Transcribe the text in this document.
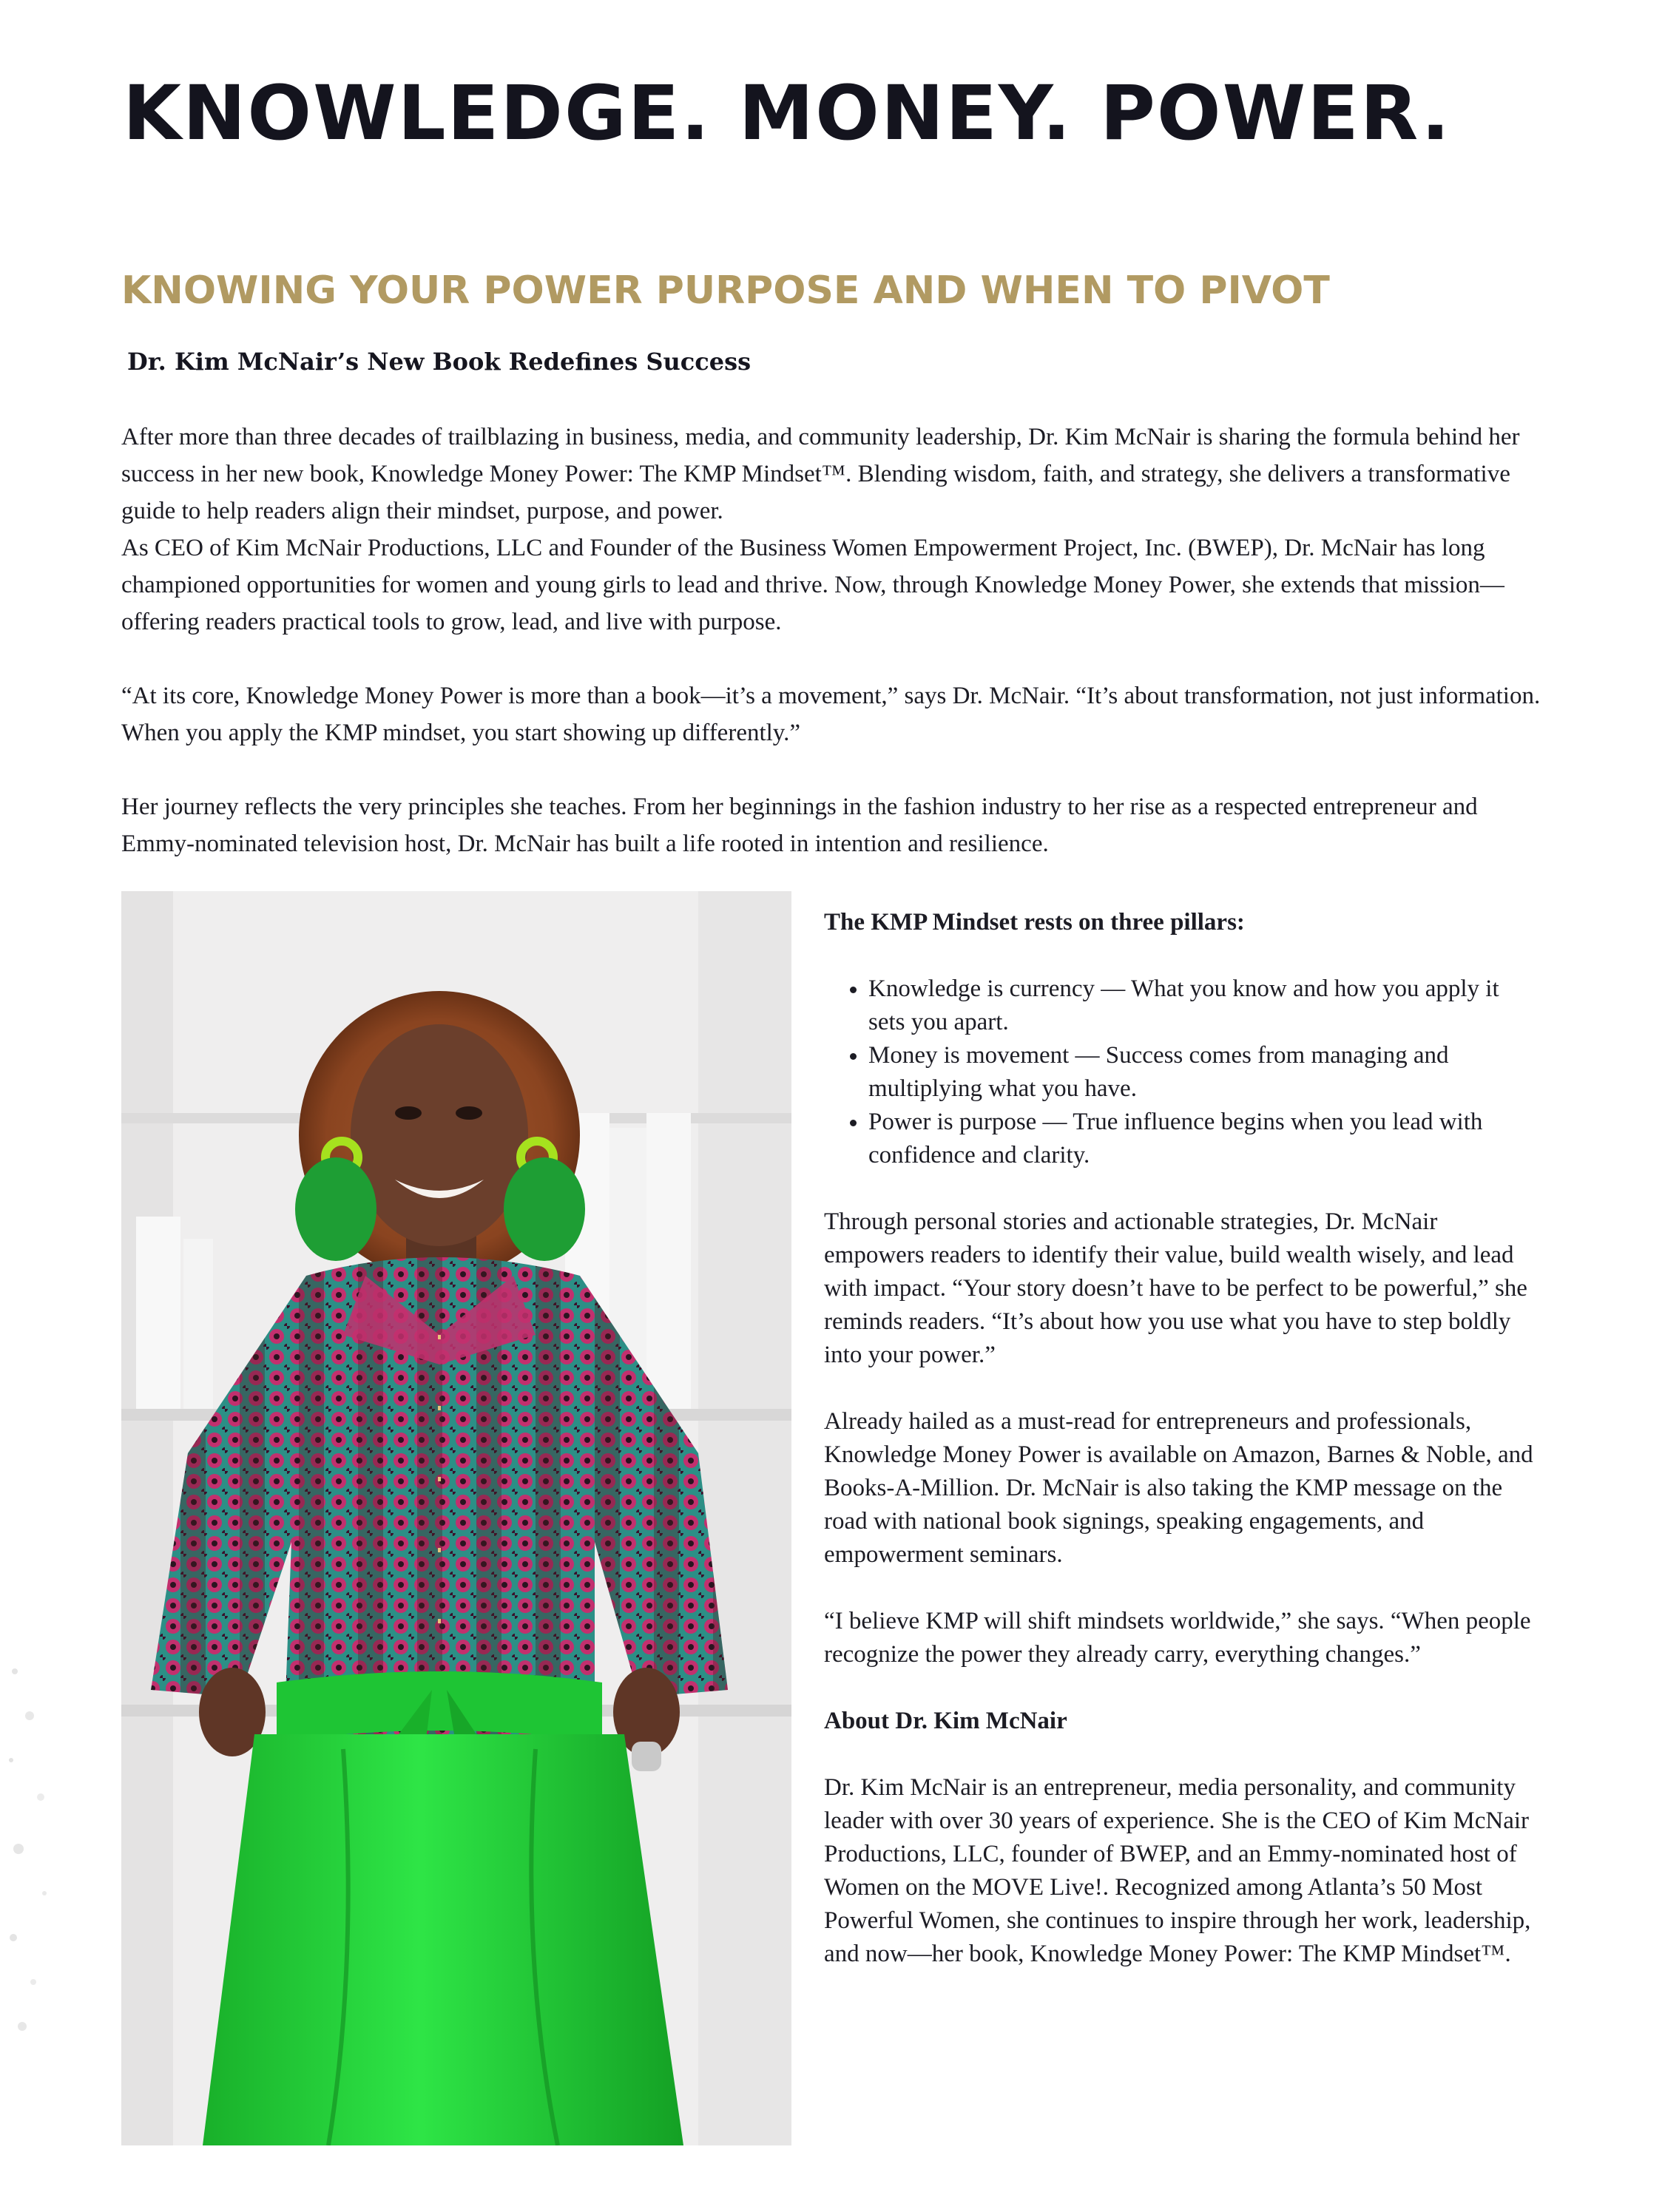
KNOWLEDGE. MONEY. POWER.
KNOWING YOUR POWER PURPOSE AND WHEN TO PIVOT

Dr. Kim McNair’s New Book Redefines Success

After more than three decades of trailblazing in business, media, and community leadership, Dr. Kim McNair is sharing the formula behind her success in her new book, Knowledge Money Power: The KMP Mindset™. Blending wisdom, faith, and strategy, she delivers a transformative guide to help readers align their mindset, purpose, and power.

As CEO of Kim McNair Productions, LLC and Founder of the Business Women Empowerment Project, Inc. (BWEP), Dr. McNair has long championed opportunities for women and young girls to lead and thrive. Now, through Knowledge Money Power, she extends that mission—offering readers practical tools to grow, lead, and live with purpose.

“At its core, Knowledge Money Power is more than a book—it’s a movement,” says Dr. McNair. “It’s about transformation, not just information. When you apply the KMP mindset, you start showing up differently.”

Her journey reflects the very principles she teaches. From her beginnings in the fashion industry to her rise as a respected entrepreneur and Emmy-nominated television host, Dr. McNair has built a life rooted in intention and resilience.

The KMP Mindset rests on three pillars:

• Knowledge is currency — What you know and how you apply it sets you apart.
• Money is movement — Success comes from managing and multiplying what you have.
• Power is purpose — True influence begins when you lead with confidence and clarity.

Through personal stories and actionable strategies, Dr. McNair empowers readers to identify their value, build wealth wisely, and lead with impact. “Your story doesn’t have to be perfect to be powerful,” she reminds readers. “It’s about how you use what you have to step boldly into your power.”

Already hailed as a must-read for entrepreneurs and professionals, Knowledge Money Power is available on Amazon, Barnes & Noble, and Books-A-Million. Dr. McNair is also taking the KMP message on the road with national book signings, speaking engagements, and empowerment seminars.

“I believe KMP will shift mindsets worldwide,” she says. “When people recognize the power they already carry, everything changes.”

About Dr. Kim McNair

Dr. Kim McNair is an entrepreneur, media personality, and community leader with over 30 years of experience. She is the CEO of Kim McNair Productions, LLC, founder of BWEP, and an Emmy-nominated host of Women on the MOVE Live!. Recognized among Atlanta’s 50 Most Powerful Women, she continues to inspire through her work, leadership, and now—her book, Knowledge Money Power: The KMP Mindset™.
